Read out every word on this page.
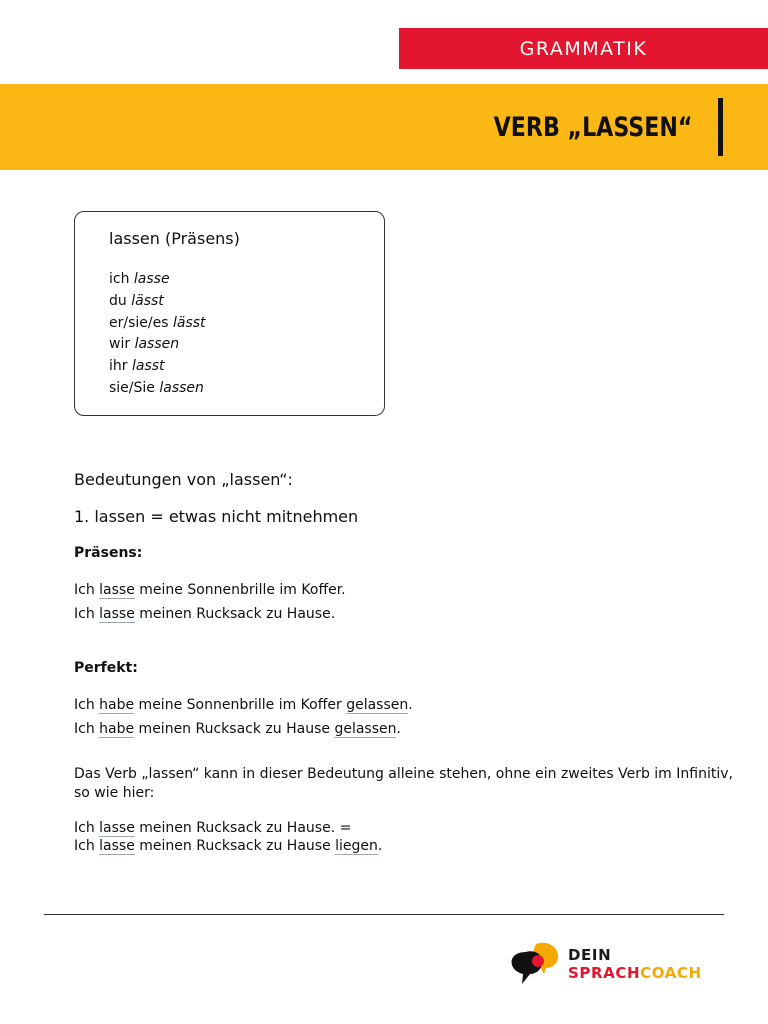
GRAMMATIK
VERB „LASSEN“
lassen (Präsens)
ich lasse
du lässt
er/sie/es lässt
wir lassen
ihr lasst
sie/Sie lassen
Bedeutungen von „lassen“:
1. lassen = etwas nicht mitnehmen
Präsens:
Ich lasse meine Sonnenbrille im Koffer.
Ich lasse meinen Rucksack zu Hause.
Perfekt:
Ich habe meine Sonnenbrille im Koffer gelassen.
Ich habe meinen Rucksack zu Hause gelassen.
Das Verb „lassen“ kann in dieser Bedeutung alleine stehen, ohne ein zweites Verb im Infinitiv, so wie hier:
Ich lasse meinen Rucksack zu Hause. =
Ich lasse meinen Rucksack zu Hause liegen.
DEIN
SPRACHCOACH
